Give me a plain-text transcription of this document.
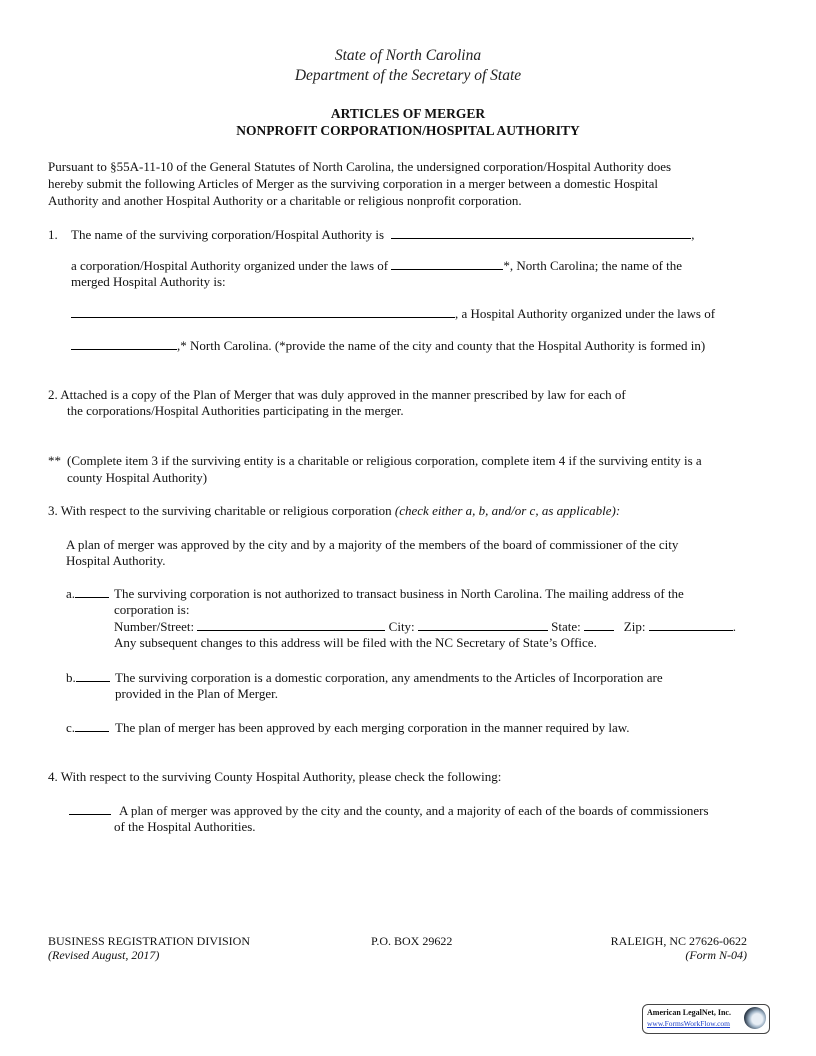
State of North Carolina
Department of the Secretary of State
ARTICLES OF MERGER
NONPROFIT CORPORATION/HOSPITAL AUTHORITY
Pursuant to §55A-11-10 of the General Statutes of North Carolina, the undersigned corporation/Hospital Authority does
hereby submit the following Articles of Merger as the surviving corporation in a merger between a domestic Hospital
Authority and another Hospital Authority or a charitable or religious nonprofit corporation.
1. The name of the surviving corporation/Hospital Authority is	,
a corporation/Hospital Authority organized under the laws of	*, North Carolina; the name of the
merged Hospital Authority is:
, a Hospital Authority organized under the laws of
,* North Carolina. (*provide the name of the city and county that the Hospital Authority is formed in)
2. Attached is a copy of the Plan of Merger that was duly approved in the manner prescribed by law for each of
the corporations/Hospital Authorities participating in the merger.
** (Complete item 3 if the surviving entity is a charitable or religious corporation, complete item 4 if the surviving entity is a
county Hospital Authority)
3. With respect to the surviving charitable or religious corporation (check either a, b, and/or c, as applicable):
A plan of merger was approved by the city and by a majority of the members of the board of commissioner of the city
Hospital Authority.
a.	The surviving corporation is not authorized to transact business in North Carolina. The mailing address of the
corporation is:
Number/Street:	City:	State:	Zip:	.
Any subsequent changes to this address will be filed with the NC Secretary of State’s Office.
b.	The surviving corporation is a domestic corporation, any amendments to the Articles of Incorporation are
provided in the Plan of Merger.
c.	The plan of merger has been approved by each merging corporation in the manner required by law.
4. With respect to the surviving County Hospital Authority, please check the following:
A plan of merger was approved by the city and the county, and a majority of each of the boards of commissioners
of the Hospital Authorities.
BUSINESS REGISTRATION DIVISION	P.O. BOX 29622	RALEIGH, NC 27626-0622
(Revised August, 2017)	(Form N-04)
American LegalNet, Inc.
www.FormsWorkFlow.com
